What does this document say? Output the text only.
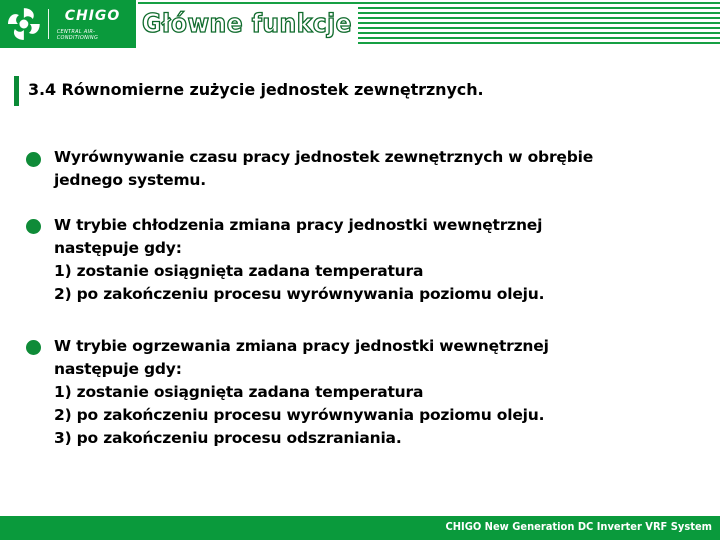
CHIGO
CENTRAL AIR-CONDITIONING	Główne funkcje
3.4 Równomierne zużycie jednostek zewnętrznych.
Wyrównywanie czasu pracy jednostek zewnętrznych w obrębie
jednego systemu.
W trybie chłodzenia zmiana pracy jednostki wewnętrznej
następuje gdy:
1) zostanie osiągnięta zadana temperatura
2) po zakończeniu procesu wyrównywania poziomu oleju.
W trybie ogrzewania zmiana pracy jednostki wewnętrznej
następuje gdy:
1) zostanie osiągnięta zadana temperatura
2) po zakończeniu procesu wyrównywania poziomu oleju.
3) po zakończeniu procesu odszraniania.
CHIGO New Generation DC Inverter VRF System
